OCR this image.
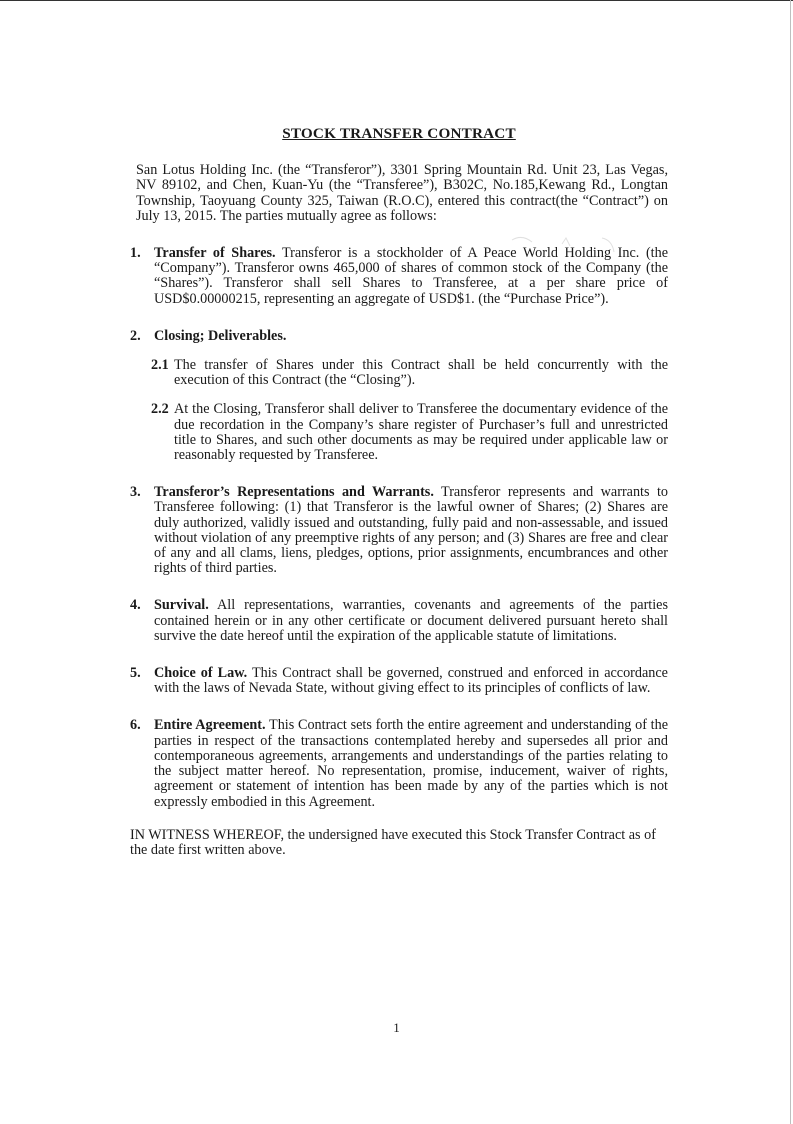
STOCK TRANSFER CONTRACT
San Lotus Holding Inc. (the “Transferor”), 3301 Spring Mountain Rd. Unit 23, Las Vegas, NV 89102, and Chen, Kuan-Yu (the “Transferee”), B302C, No.185,Kewang Rd., Longtan Township, Taoyuang County 325, Taiwan (R.O.C), entered this contract(the “Contract”) on July 13, 2015. The parties mutually agree as follows:
1. Transfer of Shares. Transferor is a stockholder of A Peace World Holding Inc. (the “Company”). Transferor owns 465,000 of shares of common stock of the Company (the “Shares”). Transferor shall sell Shares to Transferee, at a per share price of USD$0.00000215, representing an aggregate of USD$1. (the “Purchase Price”).
2. Closing; Deliverables.
2.1 The transfer of Shares under this Contract shall be held concurrently with the execution of this Contract (the “Closing”).
2.2 At the Closing, Transferor shall deliver to Transferee the documentary evidence of the due recordation in the Company’s share register of Purchaser’s full and unrestricted title to Shares, and such other documents as may be required under applicable law or reasonably requested by Transferee.
3. Transferor’s Representations and Warrants. Transferor represents and warrants to Transferee following: (1) that Transferor is the lawful owner of Shares; (2) Shares are duly authorized, validly issued and outstanding, fully paid and non-assessable, and issued without violation of any preemptive rights of any person; and (3) Shares are free and clear of any and all clams, liens, pledges, options, prior assignments, encumbrances and other rights of third parties.
4. Survival. All representations, warranties, covenants and agreements of the parties contained herein or in any other certificate or document delivered pursuant hereto shall survive the date hereof until the expiration of the applicable statute of limitations.
5. Choice of Law. This Contract shall be governed, construed and enforced in accordance with the laws of Nevada State, without giving effect to its principles of conflicts of law.
6. Entire Agreement. This Contract sets forth the entire agreement and understanding of the parties in respect of the transactions contemplated hereby and supersedes all prior and contemporaneous agreements, arrangements and understandings of the parties relating to the subject matter hereof. No representation, promise, inducement, waiver of rights, agreement or statement of intention has been made by any of the parties which is not expressly embodied in this Agreement.
IN WITNESS WHEREOF, the undersigned have executed this Stock Transfer Contract as of the date first written above.
1
